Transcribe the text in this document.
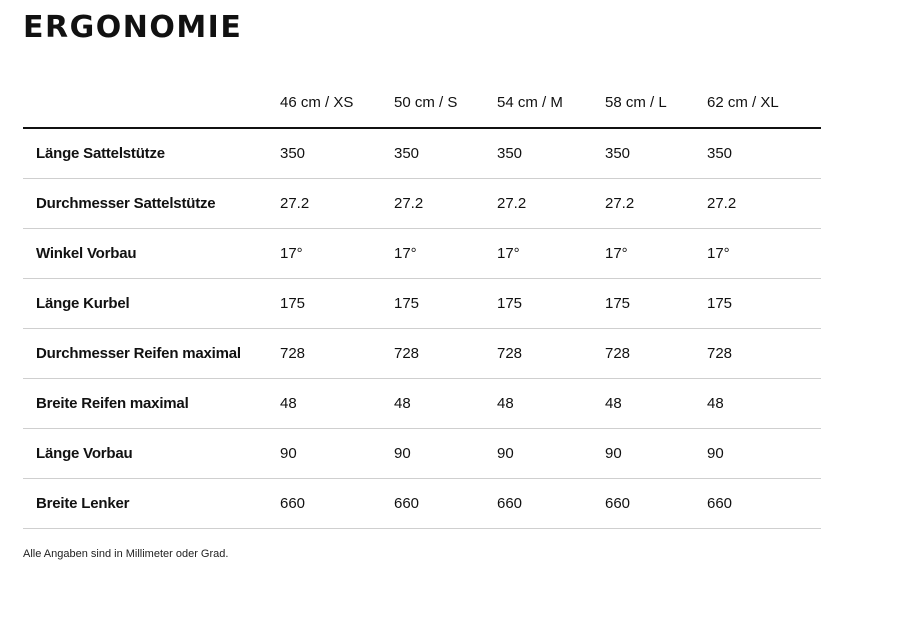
ERGONOMIE
	46 cm / XS	50 cm / S	54 cm / M	58 cm / L	62 cm / XL
Länge Sattelstütze	350	350	350	350	350
Durchmesser Sattelstütze	27.2	27.2	27.2	27.2	27.2
Winkel Vorbau	17°	17°	17°	17°	17°
Länge Kurbel	175	175	175	175	175
Durchmesser Reifen maximal	728	728	728	728	728
Breite Reifen maximal	48	48	48	48	48
Länge Vorbau	90	90	90	90	90
Breite Lenker	660	660	660	660	660

Alle Angaben sind in Millimeter oder Grad.
